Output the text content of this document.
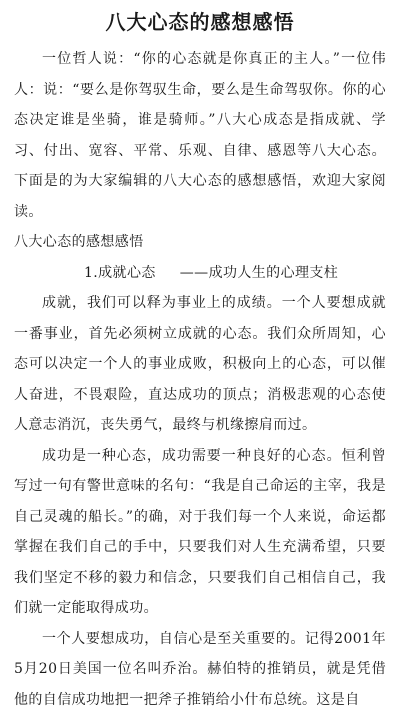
八大心态的感想感悟

一位哲人说：“你的心态就是你真正的主人。”一位伟人：说：“要么是你驾驭生命，要么是生命驾驭你。你的心态决定谁是坐骑，谁是骑师。”八大心成态是指成就、学习、付出、宽容、平常、乐观、自律、感恩等八大心态。下面是的为大家编辑的八大心态的感想感悟，欢迎大家阅读。

八大心态的感想感悟
1.成就心态 ——成功人生的心理支柱

成就，我们可以释为事业上的成绩。一个人要想成就一番事业，首先必须树立成就的心态。我们众所周知，心态可以决定一个人的事业成败，积极向上的心态，可以催人奋进，不畏艰险，直达成功的顶点；消极悲观的心态使人意志消沉，丧失勇气，最终与机缘擦肩而过。

成功是一种心态，成功需要一种良好的心态。恒利曾写过一句有警世意味的名句：“我是自己命运的主宰，我是自己灵魂的船长。”的确，对于我们每一个人来说，命运都掌握在我们自己的手中，只要我们对人生充满希望，只要我们坚定不移的毅力和信念，只要我们自己相信自己，我们就一定能取得成功。

一个人要想成功，自信心是至关重要的。记得2001年5月20日美国一位名叫乔治。赫伯特的推销员，就是凭借他的自信成功地把一把斧子推销给小什布总统。这是自
